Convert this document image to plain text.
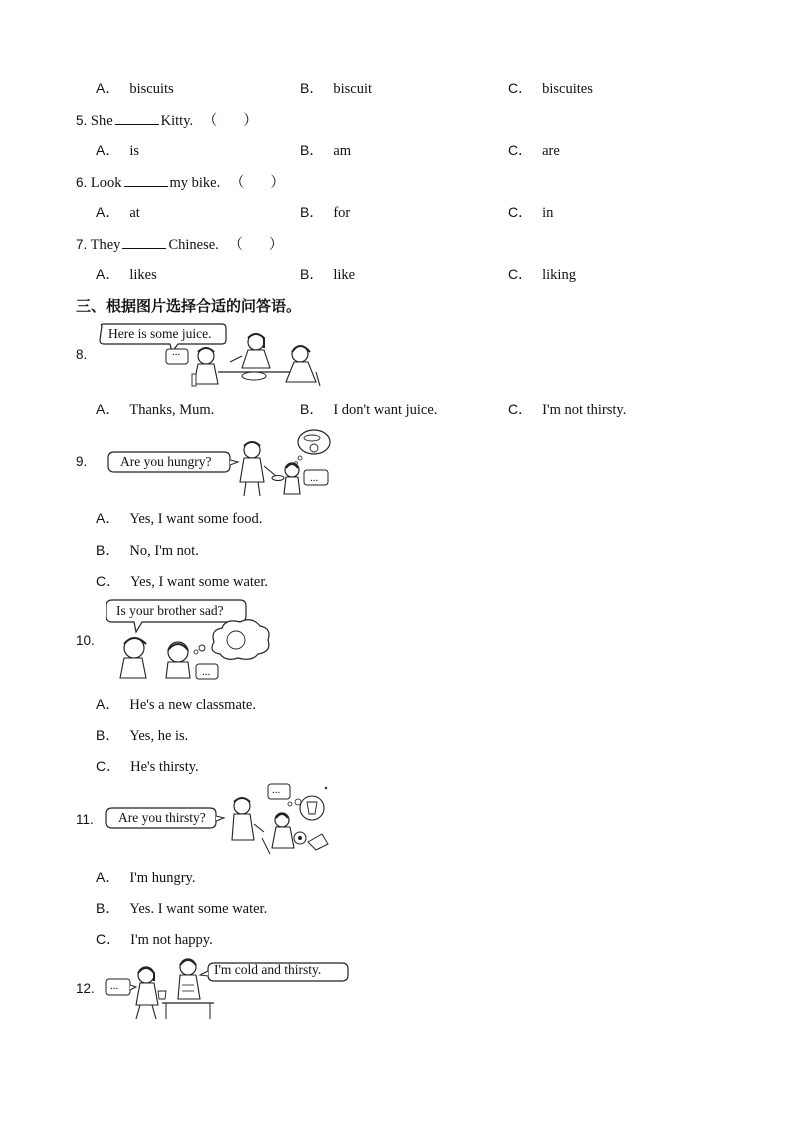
A． biscuits	B． biscuit	C． biscuites
5. She	Kitty. （ ）
A． is	B． am	C． are
6. Look	my bike. （ ）
A． at	B． for	C． in
7. They	Chinese. （ ）
A． likes	B． like	C． liking
三、根据图片选择合适的问答语。
8.
Here is some juice.
...
A． Thanks, Mum.	B． I don't want juice.	C． I'm not thirsty.
9. Are you hungry?
...
A． Yes, I want some food.
B． No, I'm not.
C． Yes, I want some water.
10.
Is your brother sad?
...
A． He's a new classmate.
B． Yes, he is.
C． He's thirsty.
11. Are you thirsty?
...
A． I'm hungry.
B． Yes. I want some water.
C． I'm not happy.
12. ...
I'm cold and thirsty.
